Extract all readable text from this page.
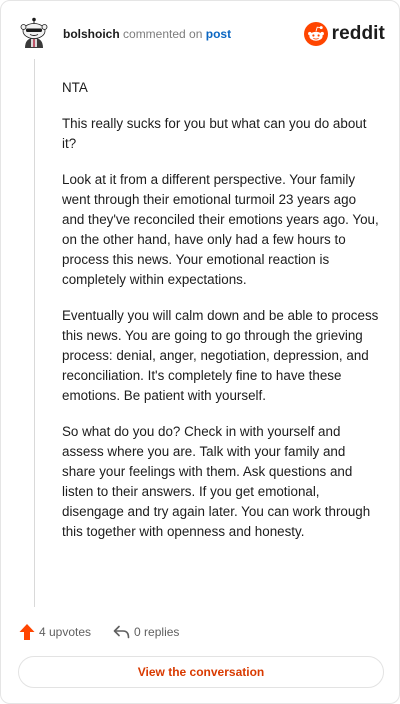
bolshoich commented on post	reddit

NTA

This really sucks for you but what can you do about it?

Look at it from a different perspective. Your family went through their emotional turmoil 23 years ago and they've reconciled their emotions years ago. You, on the other hand, have only had a few hours to process this news. Your emotional reaction is completely within expectations.

Eventually you will calm down and be able to process this news. You are going to go through the grieving process: denial, anger, negotiation, depression, and reconciliation. It's completely fine to have these emotions. Be patient with yourself.

So what do you do? Check in with yourself and assess where you are. Talk with your family and share your feelings with them. Ask questions and listen to their answers. If you get emotional, disengage and try again later. You can work through this together with openness and honesty.

4 upvotes	0 replies
View the conversation
